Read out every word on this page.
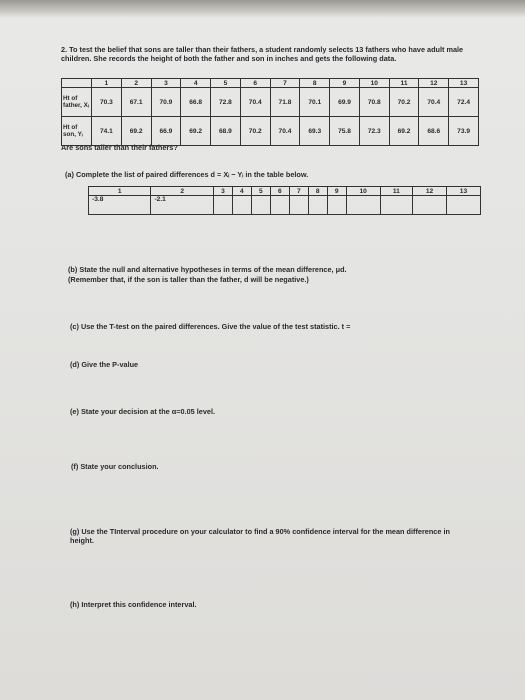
2. To test the belief that sons are taller than their fathers, a student randomly selects 13 fathers who have adult male children. She records the height of both the father and son in inches and gets the following data.
	1	2	3	4	5	6	7	8	9	10	11	12	13
Ht of father, Xᵢ	70.3	67.1	70.9	66.8	72.8	70.4	71.8	70.1	69.9	70.8	70.2	70.4	72.4
Ht of son, Yᵢ	74.1	69.2	66.9	69.2	68.9	70.2	70.4	69.3	75.8	72.3	69.2	68.6	73.9
Are sons taller than their fathers?
(a) Complete the list of paired differences d = Xᵢ − Yᵢ in the table below.
1	2	3	4	5	6	7	8	9	10	11	12	13
-3.8	-2.1											
(b) State the null and alternative hypotheses in terms of the mean difference, μd.
(Remember that, if the son is taller than the father, d will be negative.)
(c) Use the T-test on the paired differences. Give the value of the test statistic. t =
(d) Give the P-value
(e) State your decision at the α=0.05 level.
(f) State your conclusion.
(g) Use the TInterval procedure on your calculator to find a 90% confidence interval for the mean difference in height.
(h) Interpret this confidence interval.
